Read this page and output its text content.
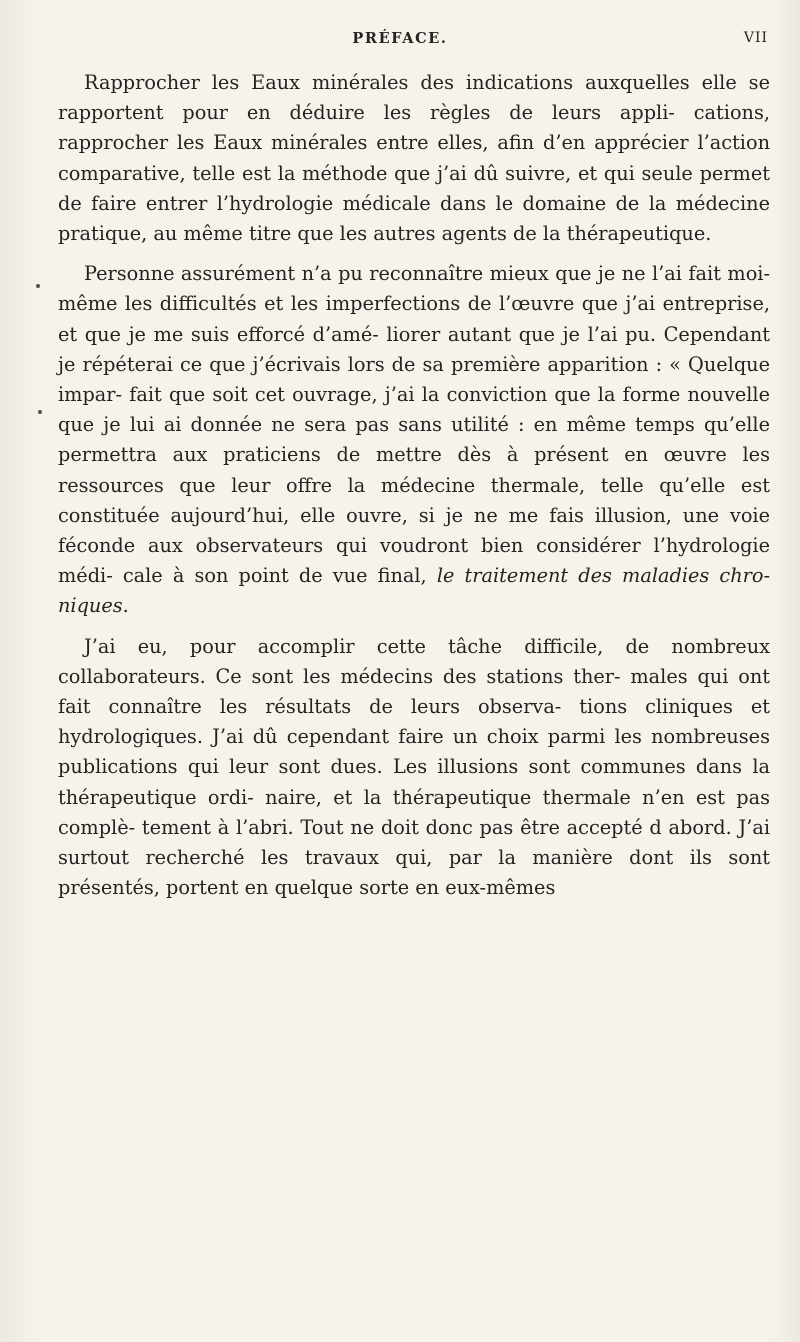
PRÉFACE.	VII

Rapprocher les Eaux minérales des indications auxquelles elle se rapportent pour en déduire les règles de leurs appli- cations, rapprocher les Eaux minérales entre elles, afin d’en apprécier l’action comparative, telle est la méthode que j’ai dû suivre, et qui seule permet de faire entrer l’hydrologie médicale dans le domaine de la médecine pratique, au même titre que les autres agents de la thérapeutique.

Personne assurément n’a pu reconnaître mieux que je ne l’ai fait moi-même les difficultés et les imperfections de l’œuvre que j’ai entreprise, et que je me suis efforcé d’amé- liorer autant que je l’ai pu. Cependant je répéterai ce que j’écrivais lors de sa première apparition : « Quelque impar- fait que soit cet ouvrage, j’ai la conviction que la forme nouvelle que je lui ai donnée ne sera pas sans utilité : en même temps qu’elle permettra aux praticiens de mettre dès à présent en œuvre les ressources que leur offre la médecine thermale, telle qu’elle est constituée aujourd’hui, elle ouvre, si je ne me fais illusion, une voie féconde aux observateurs qui voudront bien considérer l’hydrologie médi- cale à son point de vue final, le traitement des maladies chro- niques.

J’ai eu, pour accomplir cette tâche difficile, de nombreux collaborateurs. Ce sont les médecins des stations ther- males qui ont fait connaître les résultats de leurs observa- tions cliniques et hydrologiques. J’ai dû cependant faire un choix parmi les nombreuses publications qui leur sont dues. Les illusions sont communes dans la thérapeutique ordi- naire, et la thérapeutique thermale n’en est pas complè- tement à l’abri. Tout ne doit donc pas être accepté d abord. J’ai surtout recherché les travaux qui, par la manière dont ils sont présentés, portent en quelque sorte en eux-mêmes
